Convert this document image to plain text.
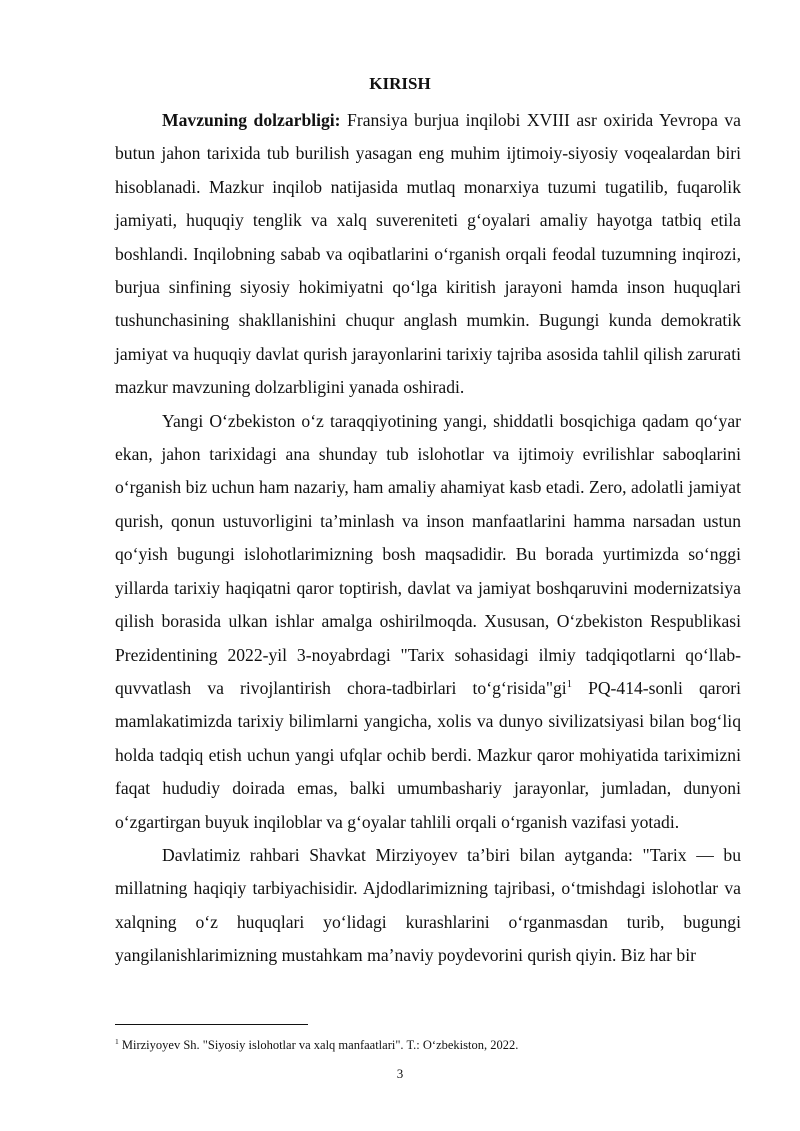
KIRISH

Mavzuning dolzarbligi: Fransiya burjua inqilobi XVIII asr oxirida Yevropa va butun jahon tarixida tub burilish yasagan eng muhim ijtimoiy-siyosiy voqealardan biri hisoblanadi. Mazkur inqilob natijasida mutlaq monarxiya tuzumi tugatilib, fuqarolik jamiyati, huquqiy tenglik va xalq suvereniteti g‘oyalari amaliy hayotga tatbiq etila boshlandi. Inqilobning sabab va oqibatlarini o‘rganish orqali feodal tuzumning inqirozi, burjua sinfining siyosiy hokimiyatni qo‘lga kiritish jarayoni hamda inson huquqlari tushunchasining shakllanishini chuqur anglash mumkin. Bugungi kunda demokratik jamiyat va huquqiy davlat qurish jarayonlarini tarixiy tajriba asosida tahlil qilish zarurati mazkur mavzuning dolzarbligini yanada oshiradi.

Yangi O‘zbekiston o‘z taraqqiyotining yangi, shiddatli bosqichiga qadam qo‘yar ekan, jahon tarixidagi ana shunday tub islohotlar va ijtimoiy evrilishlar saboqlarini o‘rganish biz uchun ham nazariy, ham amaliy ahamiyat kasb etadi. Zero, adolatli jamiyat qurish, qonun ustuvorligini ta’minlash va inson manfaatlarini hamma narsadan ustun qo‘yish bugungi islohotlarimizning bosh maqsadidir. Bu borada yurtimizda so‘nggi yillarda tarixiy haqiqatni qaror toptirish, davlat va jamiyat boshqaruvini modernizatsiya qilish borasida ulkan ishlar amalga oshirilmoqda. Xususan, O‘zbekiston Respublikasi Prezidentining 2022-yil 3-noyabrdagi "Tarix sohasidagi ilmiy tadqiqotlarni qo‘llab-quvvatlash va rivojlantirish chora-tadbirlari $to‘g‘risida"gi^1$ PQ-414-sonli qarori mamlakatimizda tarixiy bilimlarni yangicha, xolis va dunyo sivilizatsiyasi bilan bog‘liq holda tadqiq etish uchun yangi ufqlar ochib berdi. Mazkur qaror mohiyatida tariximizni faqat hududiy doirada emas, balki umumbashariy jarayonlar, jumladan, dunyoni o‘zgartirgan buyuk inqiloblar va g‘oyalar tahlili orqali o‘rganish vazifasi yotadi.

Davlatimiz rahbari Shavkat Mirziyoyev ta’biri bilan aytganda: "Tarix — bu millatning haqiqiy tarbiyachisidir. Ajdodlarimizning tajribasi, o‘tmishdagi islohotlar va xalqning o‘z huquqlari yo‘lidagi kurashlarini o‘rganmasdan turib, bugungi yangilanishlarimizning mustahkam ma’naviy poydevorini qurish qiyin. Biz har bir

$^1$ Mirziyoyev Sh. "Siyosiy islohotlar va xalq manfaatlari". T.: O‘zbekiston, 2022.
3
